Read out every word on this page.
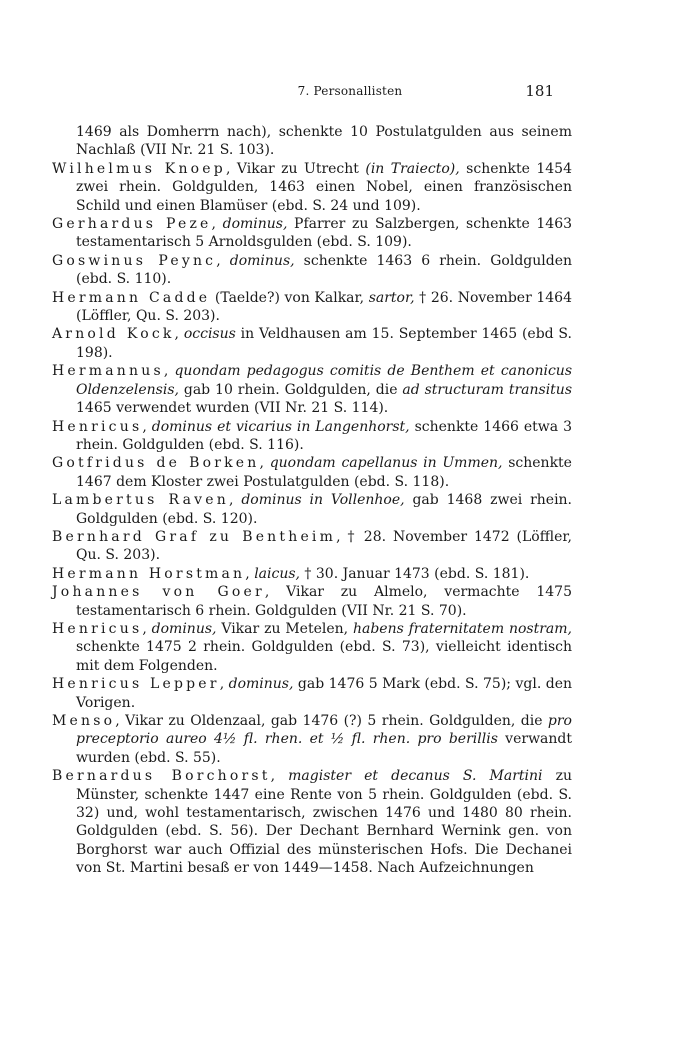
7. Personallisten	181
1469 als Domherrn nach), schenkte 10 Postulatgulden aus seinem Nachlaß (VII Nr. 21 S. 103).
Wilhelmus Knoep, Vikar zu Utrecht (in Traiecto), schenkte 1454 zwei rhein. Goldgulden, 1463 einen Nobel, einen französischen Schild und einen Blamüser (ebd. S. 24 und 109).
Gerhardus Peze, dominus, Pfarrer zu Salzbergen, schenkte 1463 testamentarisch 5 Arnoldsgulden (ebd. S. 109).
Goswinus Peync, dominus, schenkte 1463 6 rhein. Goldgulden (ebd. S. 110).
Hermann Cadde (Taelde?) von Kalkar, sartor, † 26. November 1464 (Löffler, Qu. S. 203).
Arnold Kock, occisus in Veldhausen am 15. September 1465 (ebd S. 198).
Hermannus, quondam pedagogus comitis de Benthem et canonicus Oldenzelensis, gab 10 rhein. Goldgulden, die ad structuram transitus 1465 verwendet wurden (VII Nr. 21 S. 114).
Henricus, dominus et vicarius in Langenhorst, schenkte 1466 etwa 3 rhein. Goldgulden (ebd. S. 116).
Gotfridus de Borken, quondam capellanus in Ummen, schenkte 1467 dem Kloster zwei Postulatgulden (ebd. S. 118).
Lambertus Raven, dominus in Vollenhoe, gab 1468 zwei rhein. Goldgulden (ebd. S. 120).
Bernhard Graf zu Bentheim, † 28. November 1472 (Löffler, Qu. S. 203).
Hermann Horstman, laicus, † 30. Januar 1473 (ebd. S. 181).
Johannes von Goer, Vikar zu Almelo, vermachte 1475 testamentarisch 6 rhein. Goldgulden (VII Nr. 21 S. 70).
Henricus, dominus, Vikar zu Metelen, habens fraternitatem nostram, schenkte 1475 2 rhein. Goldgulden (ebd. S. 73), vielleicht identisch mit dem Folgenden.
Henricus Lepper, dominus, gab 1476 5 Mark (ebd. S. 75); vgl. den Vorigen.
Menso, Vikar zu Oldenzaal, gab 1476 (?) 5 rhein. Goldgulden, die pro preceptorio aureo 4½ fl. rhen. et ½ fl. rhen. pro berillis verwandt wurden (ebd. S. 55).
Bernardus Borchorst, magister et decanus S. Martini zu Münster, schenkte 1447 eine Rente von 5 rhein. Goldgulden (ebd. S. 32) und, wohl testamentarisch, zwischen 1476 und 1480 80 rhein. Goldgulden (ebd. S. 56). Der Dechant Bernhard Wernink gen. von Borghorst war auch Offizial des münsterischen Hofs. Die Dechanei von St. Martini besaß er von 1449—1458. Nach Aufzeichnungen
